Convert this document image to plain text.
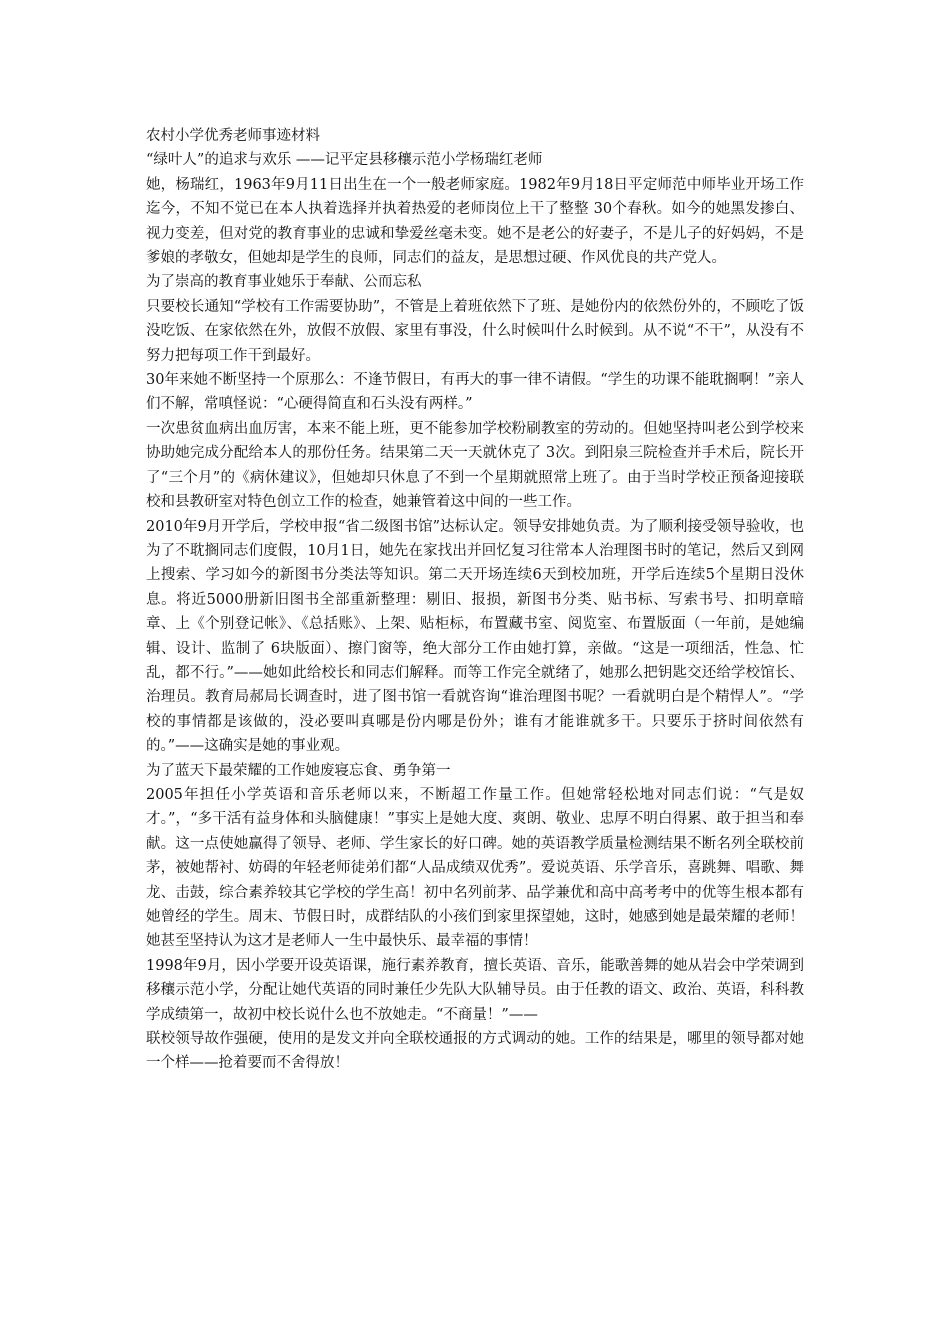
农村小学优秀老师事迹材料

“绿叶人”的追求与欢乐 ——记平定县移穰示范小学杨瑞红老师

她，杨瑞红，1963年9月11日出生在一个一般老师家庭。1982年9月18日平定师范中师毕业开场工作迄今，不知不觉已在本人执着选择并执着热爱的老师岗位上干了整整 30个春秋。如今的她黑发掺白、视力变差，但对党的教育事业的忠诚和挚爱丝毫未变。她不是老公的好妻子，不是儿子的好妈妈，不是爹娘的孝敬女，但她却是学生的良师，同志们的益友，是思想过硬、作风优良的共产党人。

为了崇高的教育事业她乐于奉献、公而忘私

只要校长通知“学校有工作需要协助”，不管是上着班依然下了班、是她份内的依然份外的，不顾吃了饭没吃饭、在家依然在外，放假不放假、家里有事没，什么时候叫什么时候到。从不说“不干”，从没有不努力把每项工作干到最好。

30年来她不断坚持一个原那么：不逢节假日，有再大的事一律不请假。“学生的功课不能耽搁啊！”亲人们不解，常嗔怪说：“心硬得简直和石头没有两样。”

一次患贫血病出血厉害，本来不能上班，更不能参加学校粉刷教室的劳动的。但她坚持叫老公到学校来协助她完成分配给本人的那份任务。结果第二天一天就休克了 3次。到阳泉三院检查并手术后，院长开了“三个月”的《病休建议》，但她却只休息了不到一个星期就照常上班了。由于当时学校正预备迎接联校和县教研室对特色创立工作的检查，她兼管着这中间的一些工作。

2010年9月开学后，学校申报“省二级图书馆”达标认定。领导安排她负责。为了顺利接受领导验收，也为了不耽搁同志们度假，10月1日，她先在家找出并回忆复习往常本人治理图书时的笔记，然后又到网上搜索、学习如今的新图书分类法等知识。第二天开场连续6天到校加班，开学后连续5个星期日没休息。将近5000册新旧图书全部重新整理：剔旧、报损，新图书分类、贴书标、写索书号、扣明章暗章、上《个别登记帐》、《总括账》、上架、贴柜标，布置藏书室、阅览室、布置版面（一年前，是她编辑、设计、监制了 6块版面）、擦门窗等，绝大部分工作由她打算，亲做。“这是一项细活，性急、忙乱，都不行。”——她如此给校长和同志们解释。而等工作完全就绪了，她那么把钥匙交还给学校馆长、治理员。教育局郝局长调查时，进了图书馆一看就咨询“谁治理图书呢？一看就明白是个精悍人”。“学校的事情都是该做的，没必要叫真哪是份内哪是份外；谁有才能谁就多干。只要乐于挤时间依然有的。”——这确实是她的事业观。

为了蓝天下最荣耀的工作她废寝忘食、勇争第一

2005年担任小学英语和音乐老师以来，不断超工作量工作。但她常轻松地对同志们说：“气是奴才。”，“多干活有益身体和头脑健康！”事实上是她大度、爽朗、敬业、忠厚不明白得累、敢于担当和奉献。这一点使她赢得了领导、老师、学生家长的好口碑。她的英语教学质量检测结果不断名列全联校前茅，被她帮衬、妨碍的年轻老师徒弟们都“人品成绩双优秀”。爱说英语、乐学音乐，喜跳舞、唱歌、舞龙、击鼓，综合素养较其它学校的学生高！初中名列前茅、品学兼优和高中高考考中的优等生根本都有她曾经的学生。周末、节假日时，成群结队的小孩们到家里探望她，这时，她感到她是最荣耀的老师！她甚至坚持认为这才是老师人一生中最快乐、最幸福的事情！

1998年9月，因小学要开设英语课，施行素养教育，擅长英语、音乐，能歌善舞的她从岩会中学荣调到移穰示范小学，分配让她代英语的同时兼任少先队大队辅导员。由于任教的语文、政治、英语，科科教学成绩第一，故初中校长说什么也不放她走。“不商量！”——

联校领导故作强硬，使用的是发文并向全联校通报的方式调动的她。工作的结果是，哪里的领导都对她一个样——抢着要而不舍得放！
